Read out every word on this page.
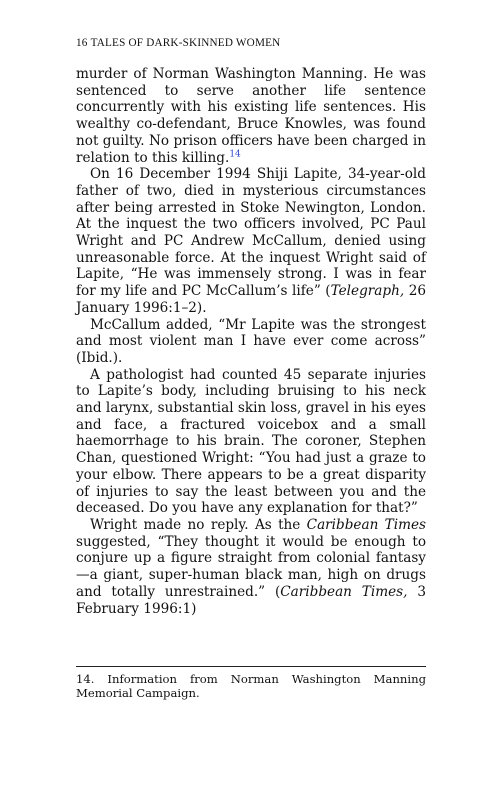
16 TALES OF DARK-SKINNED WOMEN

murder of Norman Washington Manning. He was sentenced to serve another life sentence concurrently with his existing life sentences. His wealthy co-defendant, Bruce Knowles, was found not guilty. No prison officers have been charged in relation to this killing.$^{14}$

On 16 December 1994 Shiji Lapite, 34-year-old father of two, died in mysterious circumstances after being arrested in Stoke Newington, London. At the inquest the two officers involved, PC Paul Wright and PC Andrew McCallum, denied using unreasonable force. At the inquest Wright said of Lapite, “He was immensely strong. I was in fear for my life and PC McCallum’s life” (Telegraph, 26 January 1996:1–2).

McCallum added, “Mr Lapite was the strongest and most violent man I have ever come across” (Ibid.).

A pathologist had counted 45 separate injuries to Lapite’s body, including bruising to his neck and larynx, substantial skin loss, gravel in his eyes and face, a fractured voicebox and a small haemorrhage to his brain. The coroner, Stephen Chan, questioned Wright: “You had just a graze to your elbow. There appears to be a great disparity of injuries to say the least between you and the deceased. Do you have any explanation for that?”

Wright made no reply. As the Caribbean Times suggested, “They thought it would be enough to conjure up a figure straight from colonial fantasy —a giant, super-human black man, high on drugs and totally unrestrained.” (Caribbean Times, 3 February 1996:1)

14. Information from Norman Washington Manning Memorial Campaign.
